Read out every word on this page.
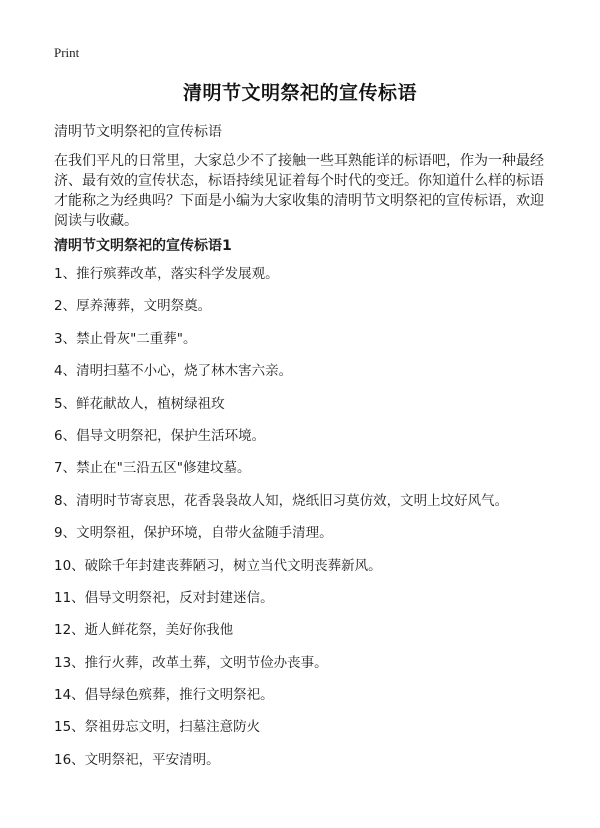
Print
清明节文明祭祀的宣传标语
清明节文明祭祀的宣传标语
在我们平凡的日常里，大家总少不了接触一些耳熟能详的标语吧，作为一种最经济、最有效的宣传状态，标语持续见证着每个时代的变迁。你知道什么样的标语才能称之为经典吗？下面是小编为大家收集的清明节文明祭祀的宣传标语，欢迎阅读与收藏。
清明节文明祭祀的宣传标语1
1、推行殡葬改革，落实科学发展观。
2、厚养薄葬，文明祭奠。
3、禁止骨灰"二重葬"。
4、清明扫墓不小心，烧了林木害六亲。
5、鲜花献故人，植树绿祖玫
6、倡导文明祭祀，保护生活环境。
7、禁止在"三沿五区"修建坟墓。
8、清明时节寄哀思，花香袅袅故人知，烧纸旧习莫仿效，文明上坟好风气。
9、文明祭祖，保护环境，自带火盆随手清理。
10、破除千年封建丧葬陋习，树立当代文明丧葬新风。
11、倡导文明祭祀，反对封建迷信。
12、逝人鲜花祭，美好你我他
13、推行火葬，改革土葬，文明节俭办丧事。
14、倡导绿色殡葬，推行文明祭祀。
15、祭祖毋忘文明，扫墓注意防火
16、文明祭祀，平安清明。
